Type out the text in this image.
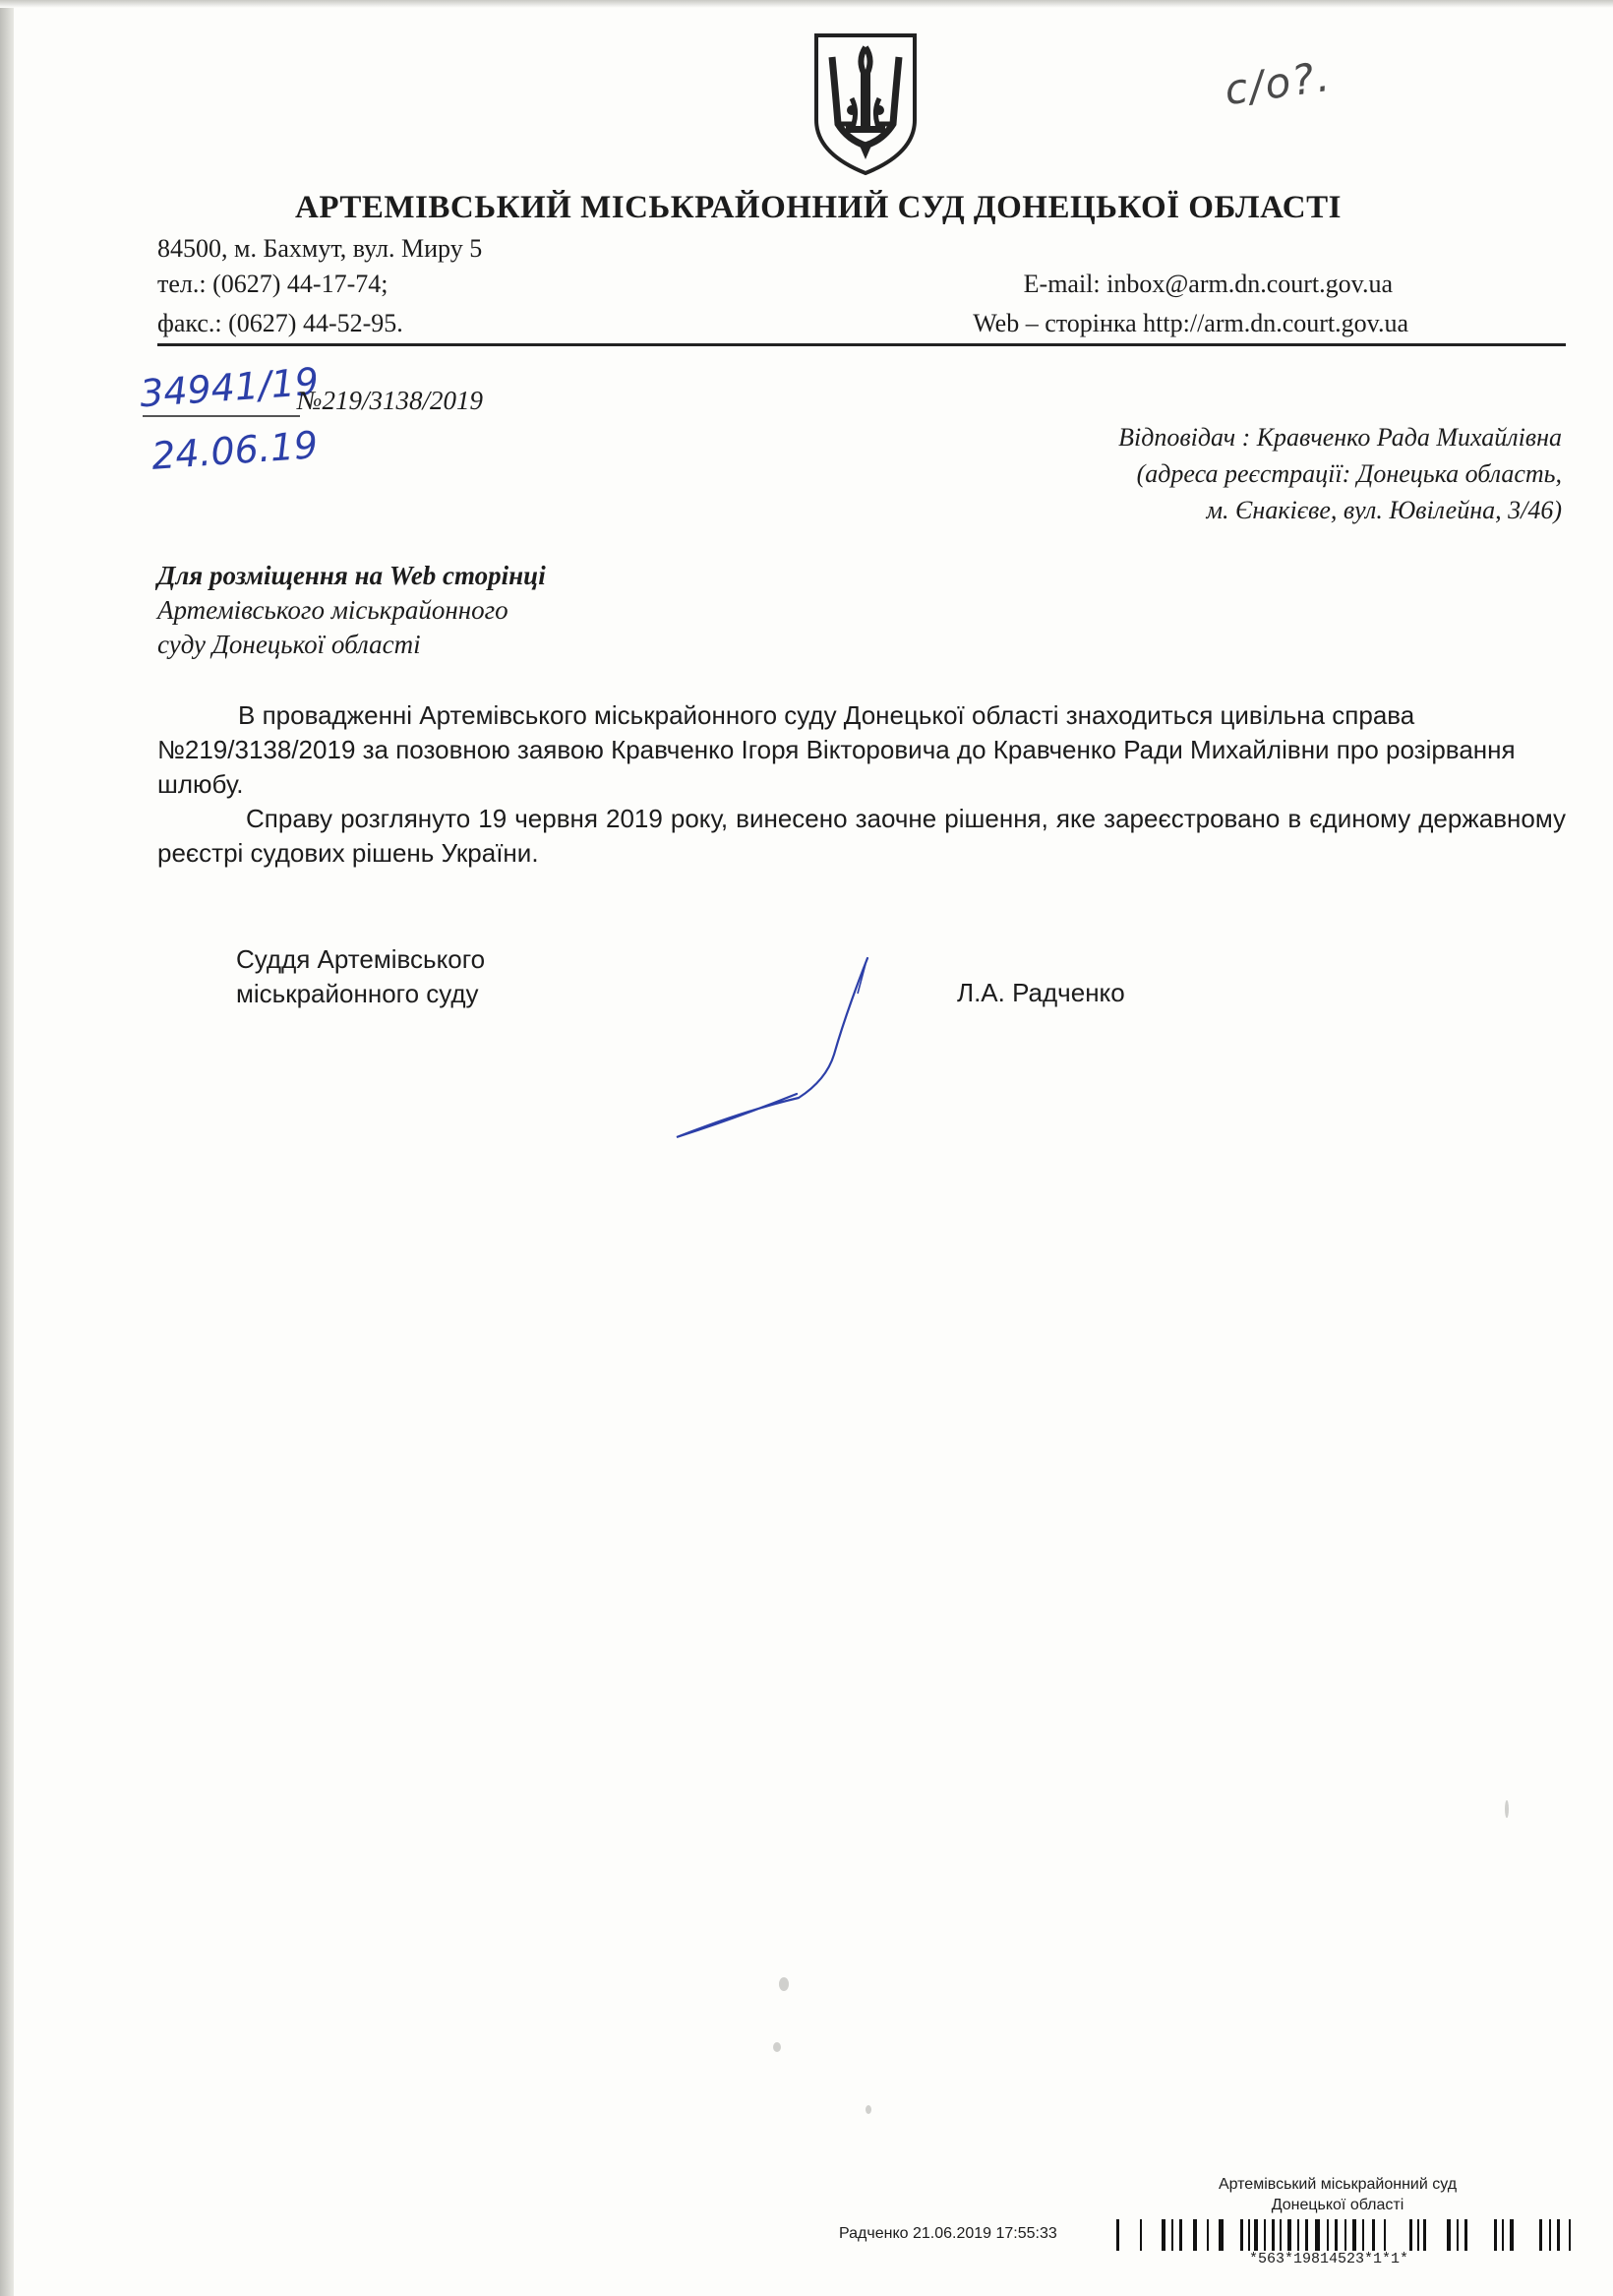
с/о?.
АРТЕМІВСЬКИЙ МІСЬКРАЙОННИЙ СУД ДОНЕЦЬКОЇ ОБЛАСТІ
84500, м. Бахмут, вул. Миру 5
тел.: (0627) 44-17-74;	E-mail: inbox@arm.dn.court.gov.ua
факс.: (0627) 44-52-95.	Web – сторінка http://arm.dn.court.gov.ua
34941/19
24.06.19
№219/3138/2019
Відповідач : Кравченко Рада Михайлівна
(адреса реєстрації: Донецька область,
м. Єнакієве, вул. Ювілейна, 3/46)
Для розміщення на Web сторінці
Артемівського міськрайонного
суду Донецької області
В провадженні Артемівського міськрайонного суду Донецької області знаходиться цивільна справа №219/3138/2019 за позовною заявою Кравченко Ігоря Вікторовича до Кравченко Ради Михайлівни про розірвання шлюбу.
Справу розглянуто 19 червня 2019 року, винесено заочне рішення, яке зареєстровано в єдиному державному реєстрі судових рішень України.
Суддя Артемівського
міськрайонного суду	Л.А. Радченко
Артемівський міськрайонний суд
Донецької області
Радченко 21.06.2019 17:55:33
*563*19814523*1*1*
